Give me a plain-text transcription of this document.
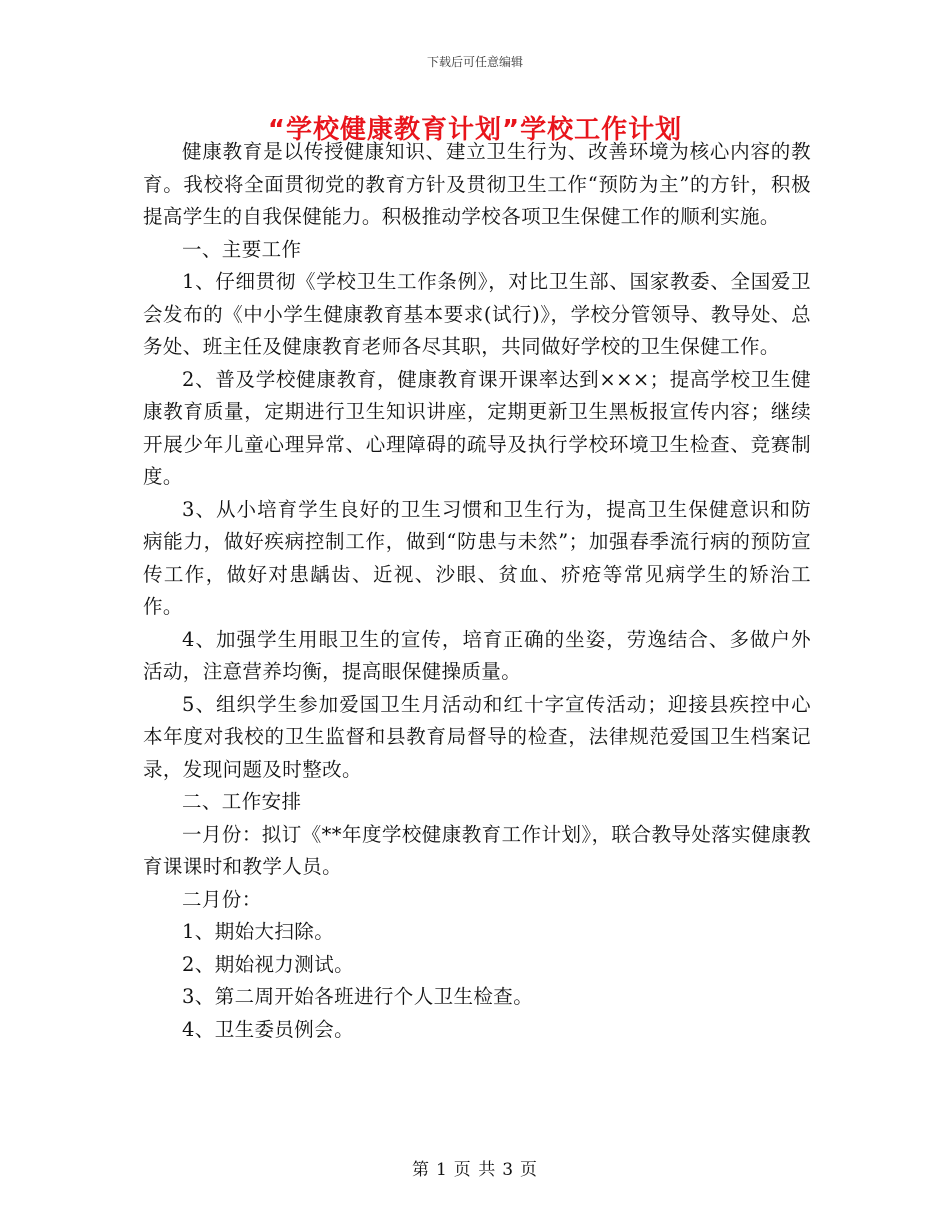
下载后可任意编辑
“学校健康教育计划”学校工作计划

健康教育是以传授健康知识、建立卫生行为、改善环境为核心内容的教育。我校将全面贯彻党的教育方针及贯彻卫生工作“预防为主”的方针，积极提高学生的自我保健能力。积极推动学校各项卫生保健工作的顺利实施。

一、主要工作

1、仔细贯彻《学校卫生工作条例》，对比卫生部、国家教委、全国爱卫会发布的《中小学生健康教育基本要求(试行)》，学校分管领导、教导处、总务处、班主任及健康教育老师各尽其职，共同做好学校的卫生保健工作。

2、普及学校健康教育，健康教育课开课率达到×××；提高学校卫生健康教育质量，定期进行卫生知识讲座，定期更新卫生黑板报宣传内容；继续开展少年儿童心理异常、心理障碍的疏导及执行学校环境卫生检查、竞赛制度。

3、从小培育学生良好的卫生习惯和卫生行为，提高卫生保健意识和防病能力，做好疾病控制工作，做到“防患与未然”；加强春季流行病的预防宣传工作，做好对患龋齿、近视、沙眼、贫血、疥疮等常见病学生的矫治工作。

4、加强学生用眼卫生的宣传，培育正确的坐姿，劳逸结合、多做户外活动，注意营养均衡，提高眼保健操质量。

5、组织学生参加爱国卫生月活动和红十字宣传活动；迎接县疾控中心本年度对我校的卫生监督和县教育局督导的检查，法律规范爱国卫生档案记录，发现问题及时整改。

二、工作安排

一月份：拟订《**年度学校健康教育工作计划》，联合教导处落实健康教育课课时和教学人员。

二月份：

1、期始大扫除。

2、期始视力测试。

3、第二周开始各班进行个人卫生检查。

4、卫生委员例会。

第 1 页 共 3 页
